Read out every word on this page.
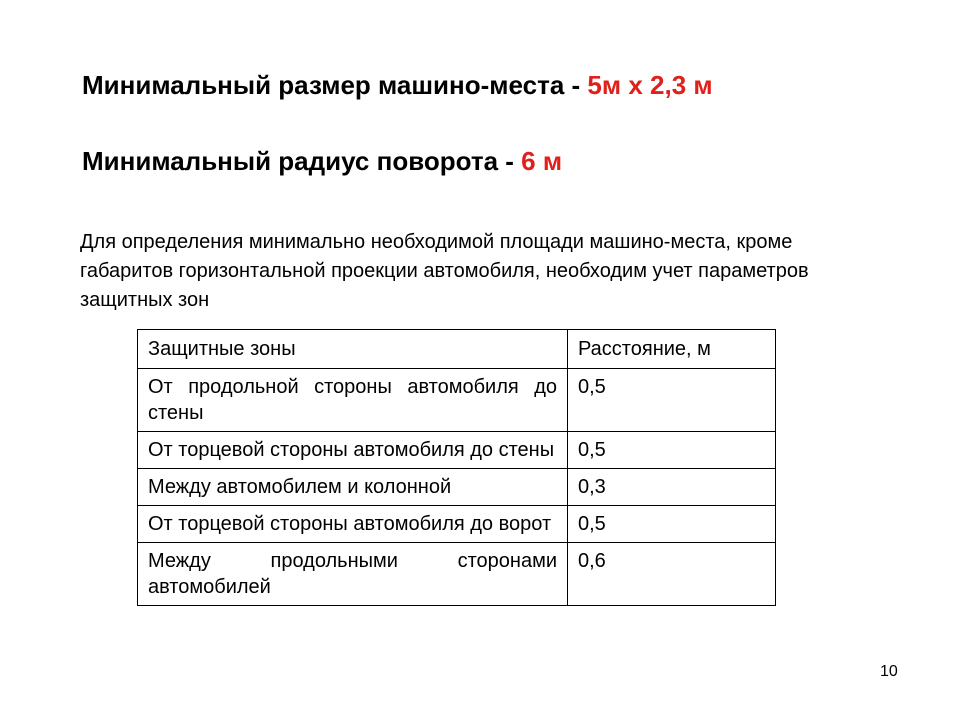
Минимальный размер машино-места - 5м х 2,3 м
Минимальный радиус поворота - 6 м
Для определения минимально необходимой площади машино-места, кроме габаритов горизонтальной проекции автомобиля, необходим учет параметров защитных зон
Защитные зоны	Расстояние, м
От продольной стороны автомобиля до стены	0,5
От торцевой стороны автомобиля до стены	0,5
Между автомобилем и колонной	0,3
От торцевой стороны автомобиля до ворот	0,5
Между продольными сторонами автомобилей	0,6
10
